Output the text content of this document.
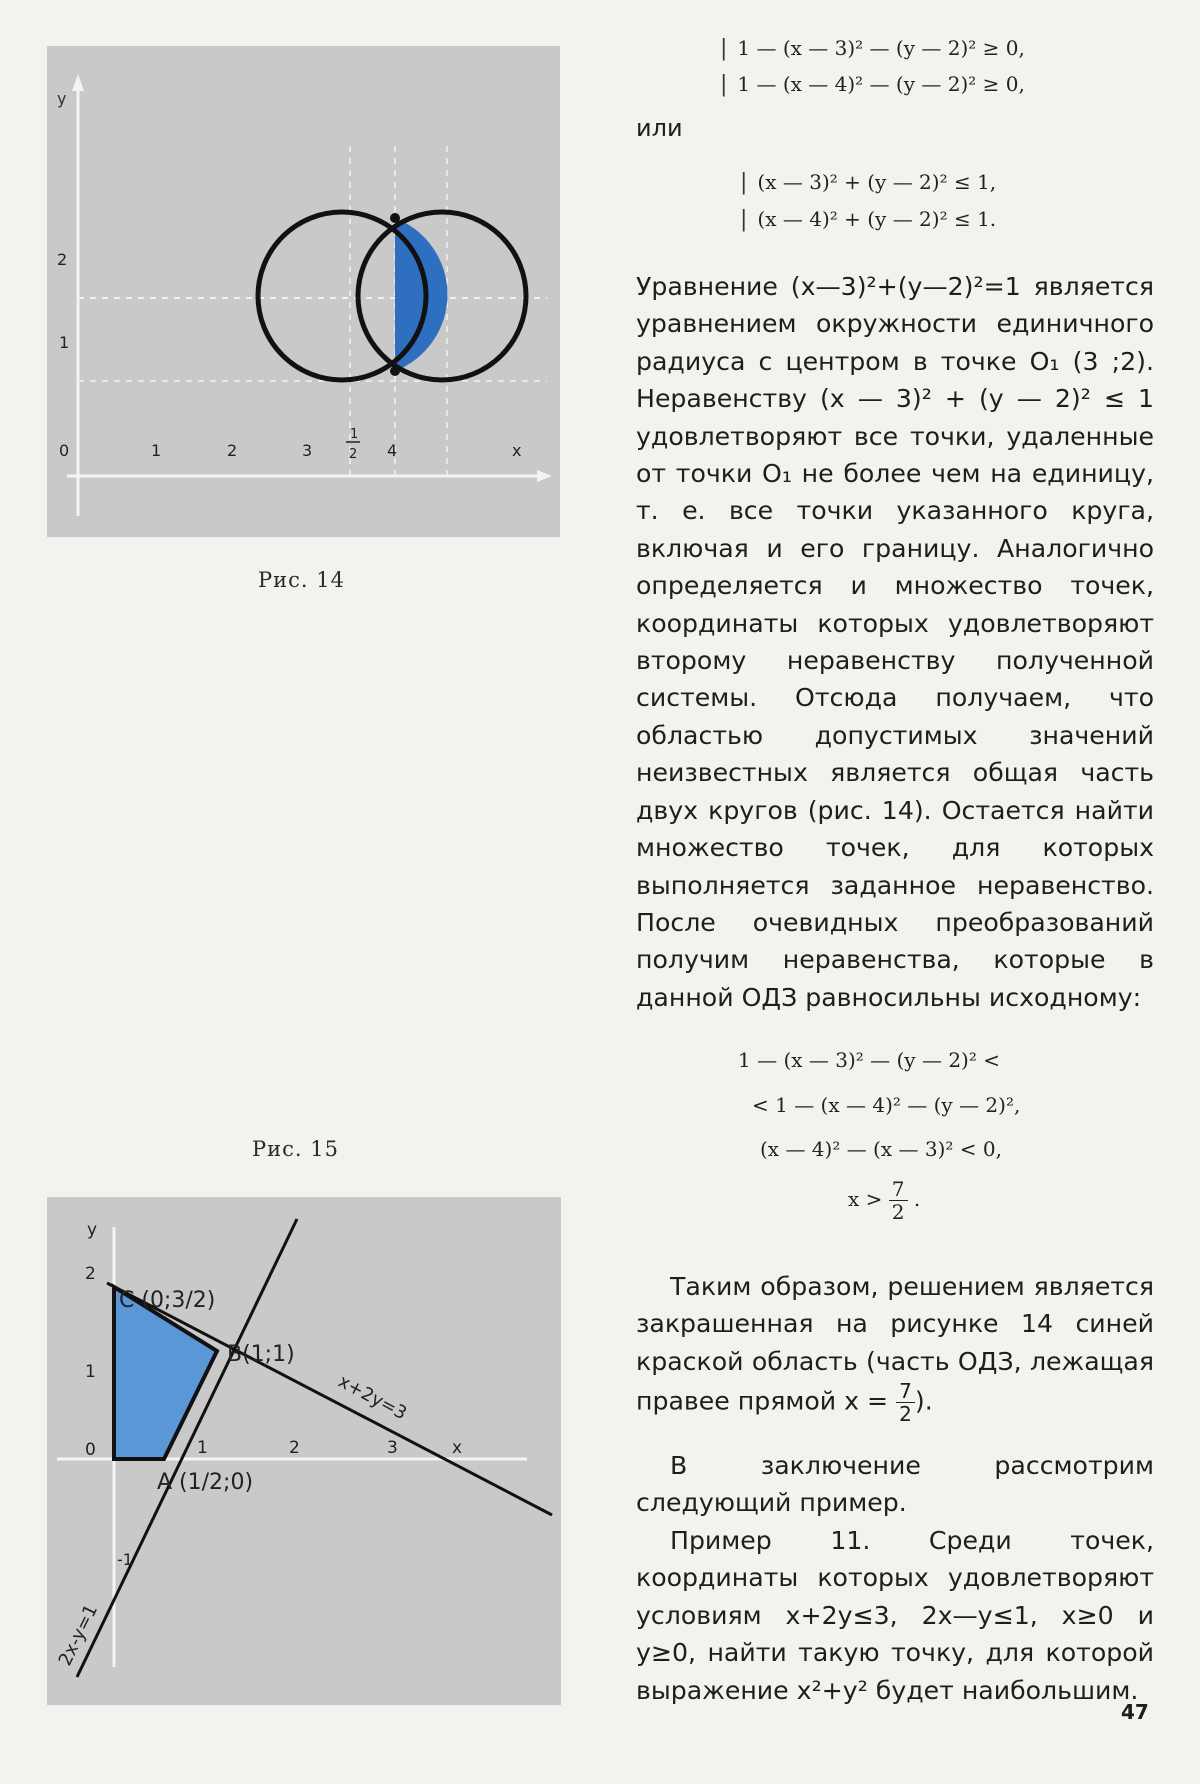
y
2
1
0	1	2	3
1
2 4	x
Рис. 14
Рис. 15
y
2
1
0	1	2	3	x
-1
C (0;3/2)
B(1;1)
A (1/2;0)
x+2y=3
2x-y=1
| 1 — (x — 3)² — (y — 2)² ≥ 0,
| 1 — (x — 4)² — (y — 2)² ≥ 0,
или
| (x — 3)² + (y — 2)² ≤ 1,
| (x — 4)² + (y — 2)² ≤ 1.

Уравнение (x—3)²+(y—2)²=1 является уравнением окружности единичного радиуса с центром в точке O₁ (3 ;2). Неравенству (x — 3)² + (y — 2)² ≤ 1 удовлетворяют все точки, удаленные от точки O₁ не более чем на единицу, т. е. все точки указанного круга, включая и его границу. Аналогично определяется и множество точек, координаты которых удовлетворяют второму неравенству полученной системы. Отсюда получаем, что областью допустимых значений неизвестных является общая часть двух кругов (рис. 14). Остается найти множество точек, для которых выполняется заданное неравенство. После очевидных преобразований получим неравенства, которые в данной ОДЗ равносильны исходному:

1 — (x — 3)² — (y — 2)² <
< 1 — (x — 4)² — (y — 2)²,
(x — 4)² — (x — 3)² < 0,
$x > \frac{7}{2}$ .

Таким образом, решением является закрашенная на рисунке 14 синей краской область (часть ОДЗ, лежащая правее прямой $x = \frac{7}{2}$ ).

В заключение рассмотрим следующий пример.

Пример 11. Среди точек, координаты которых удовлетворяют условиям x+2y≤3, 2x—y≤1, x≥0 и y≥0, найти такую точку, для которой выражение x²+y² будет наибольшим.

47
